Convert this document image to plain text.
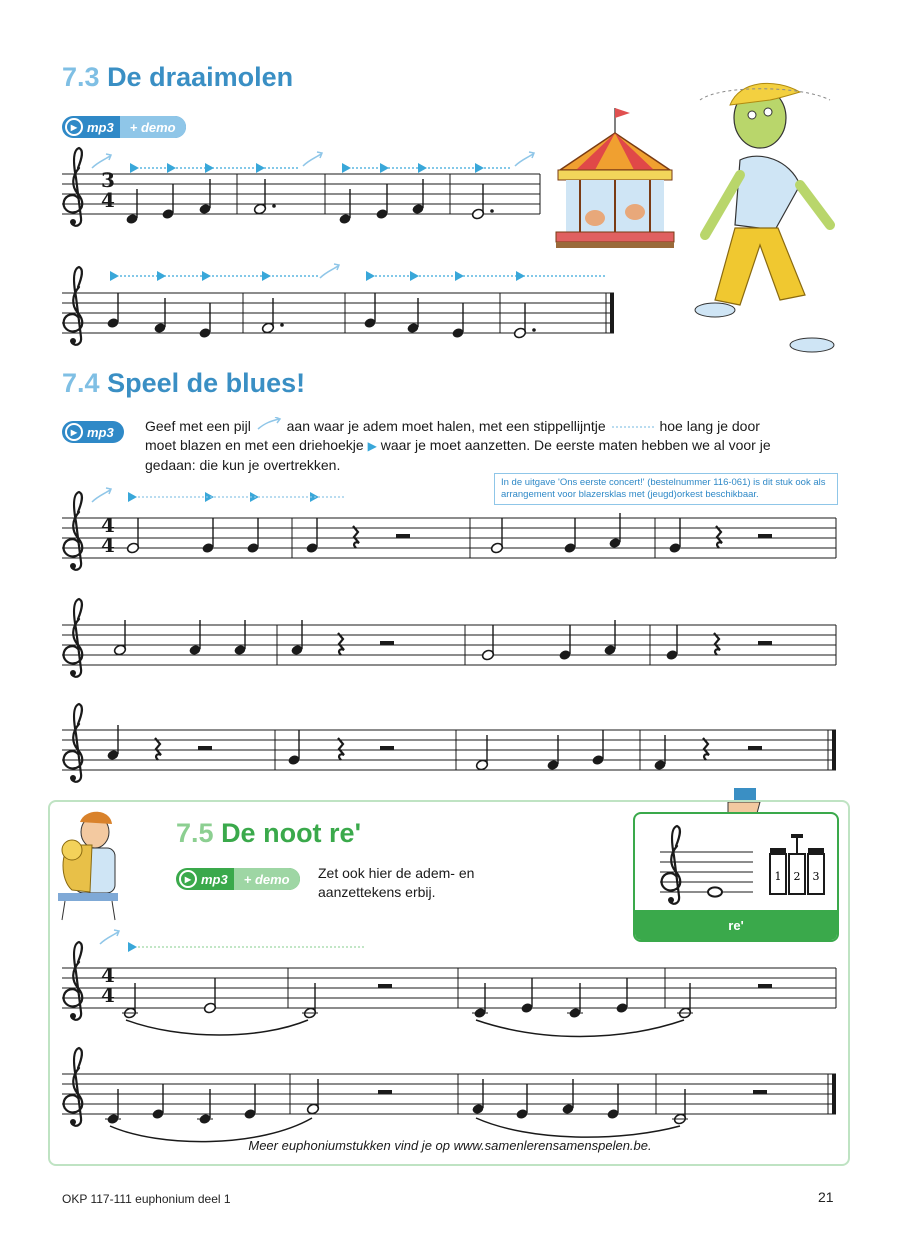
7.3 De draaimolen
▶ mp3	+ demo
7.4 Speel de blues!
▶ mp3 Geef met een pijl	aan waar je adem moet halen, met een stippellijntje	hoe lang je door moet blazen en met een driehoekje ▶ waar je moet aanzetten. De eerste maten hebben we al voor je gedaan: die kun je overtrekken.
In de uitgave 'Ons eerste concert!' (bestelnummer 116-061) is dit stuk ook als arrangement voor blazersklas met (jeugd)orkest beschikbaar.
3
4
4
4
4
4
7.5 De noot re'
▶ mp3	+ demo	Zet ook hier de adem- en aanzettekens erbij.
1 2 3
re'
Meer euphoniumstukken vind je op www.samenlerensamenspelen.be.
OKP 117-111 euphonium deel 1	21
